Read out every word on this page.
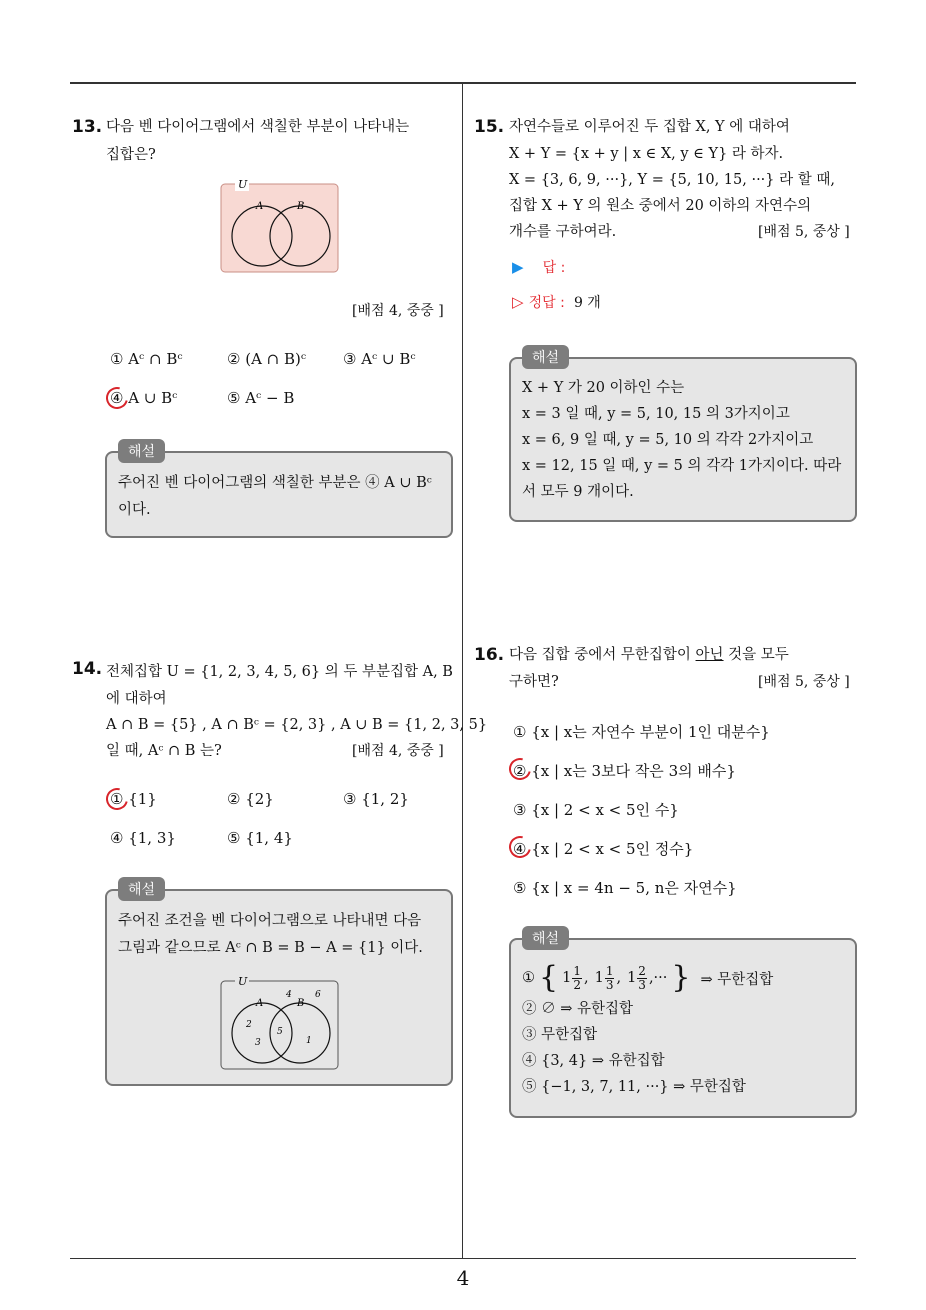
4
13. 다음 벤 다이어그램에서 색칠한 부분이 나타내는
집합은?
U
A	B
[배점 4, 중중 ]
① Aᶜ ∩ Bᶜ	② (A ∩ B)ᶜ ③ Aᶜ ∪ Bᶜ
④ A ∪ Bᶜ	⑤ Aᶜ − B
해설
주어진 벤 다이어그램의 색칠한 부분은 ④ A ∪ Bᶜ
이다.
14. 전체집합 U = {1, 2, 3, 4, 5, 6} 의 두 부분집합 A, B
에 대하여
A ∩ B = {5} , A ∩ Bᶜ = {2, 3} , A ∪ B = {1, 2, 3, 5}
일 때, Aᶜ ∩ B 는?	[배점 4, 중중 ]
① {1}	② {2}	③ {1, 2}
④ {1, 3}	⑤ {1, 4}
해설
주어진 조건을 벤 다이어그램으로 나타내면 다음
그림과 같으므로 Aᶜ ∩ B = B − A = {1} 이다.
U
A	B
4	6
2
5
3	1
15. 자연수들로 이루어진 두 집합 X, Y 에 대하여
X + Y = {x + y | x ∈ X, y ∈ Y} 라 하자.
X = {3, 6, 9, ···}, Y = {5, 10, 15, ···} 라 할 때,
집합 X + Y 의 원소 중에서 20 이하의 자연수의
개수를 구하여라.	[배점 5, 중상 ]
▶ 답 :
▷ 정답 : 9 개
해설
X + Y 가 20 이하인 수는
x = 3 일 때, y = 5, 10, 15 의 3가지이고
x = 6, 9 일 때, y = 5, 10 의 각각 2가지이고
x = 12, 15 일 때, y = 5 의 각각 1가지이다. 따라
서 모두 9 개이다.
16. 다음 집합 중에서 무한집합이 아닌 것을 모두
구하면?	[배점 5, 중상 ]
① {x | x는 자연수 부분이 1인 대분수}
② {x | x는 3보다 작은 3의 배수}
③ {x | 2 < x < 5인 수}
④ {x | 2 < x < 5인 정수}
⑤ {x | x = 4n − 5, n은 자연수}
해설
① { $1 \frac{1}{2}$ , $1 \frac{1}{3}$ , $1 \frac{2}{3}$ , ··· } ⇒ 무한집합
② ∅ ⇒ 유한집합
③ 무한집합
④ {3, 4} ⇒ 유한집합
⑤ {−1, 3, 7, 11, ···} ⇒ 무한집합
